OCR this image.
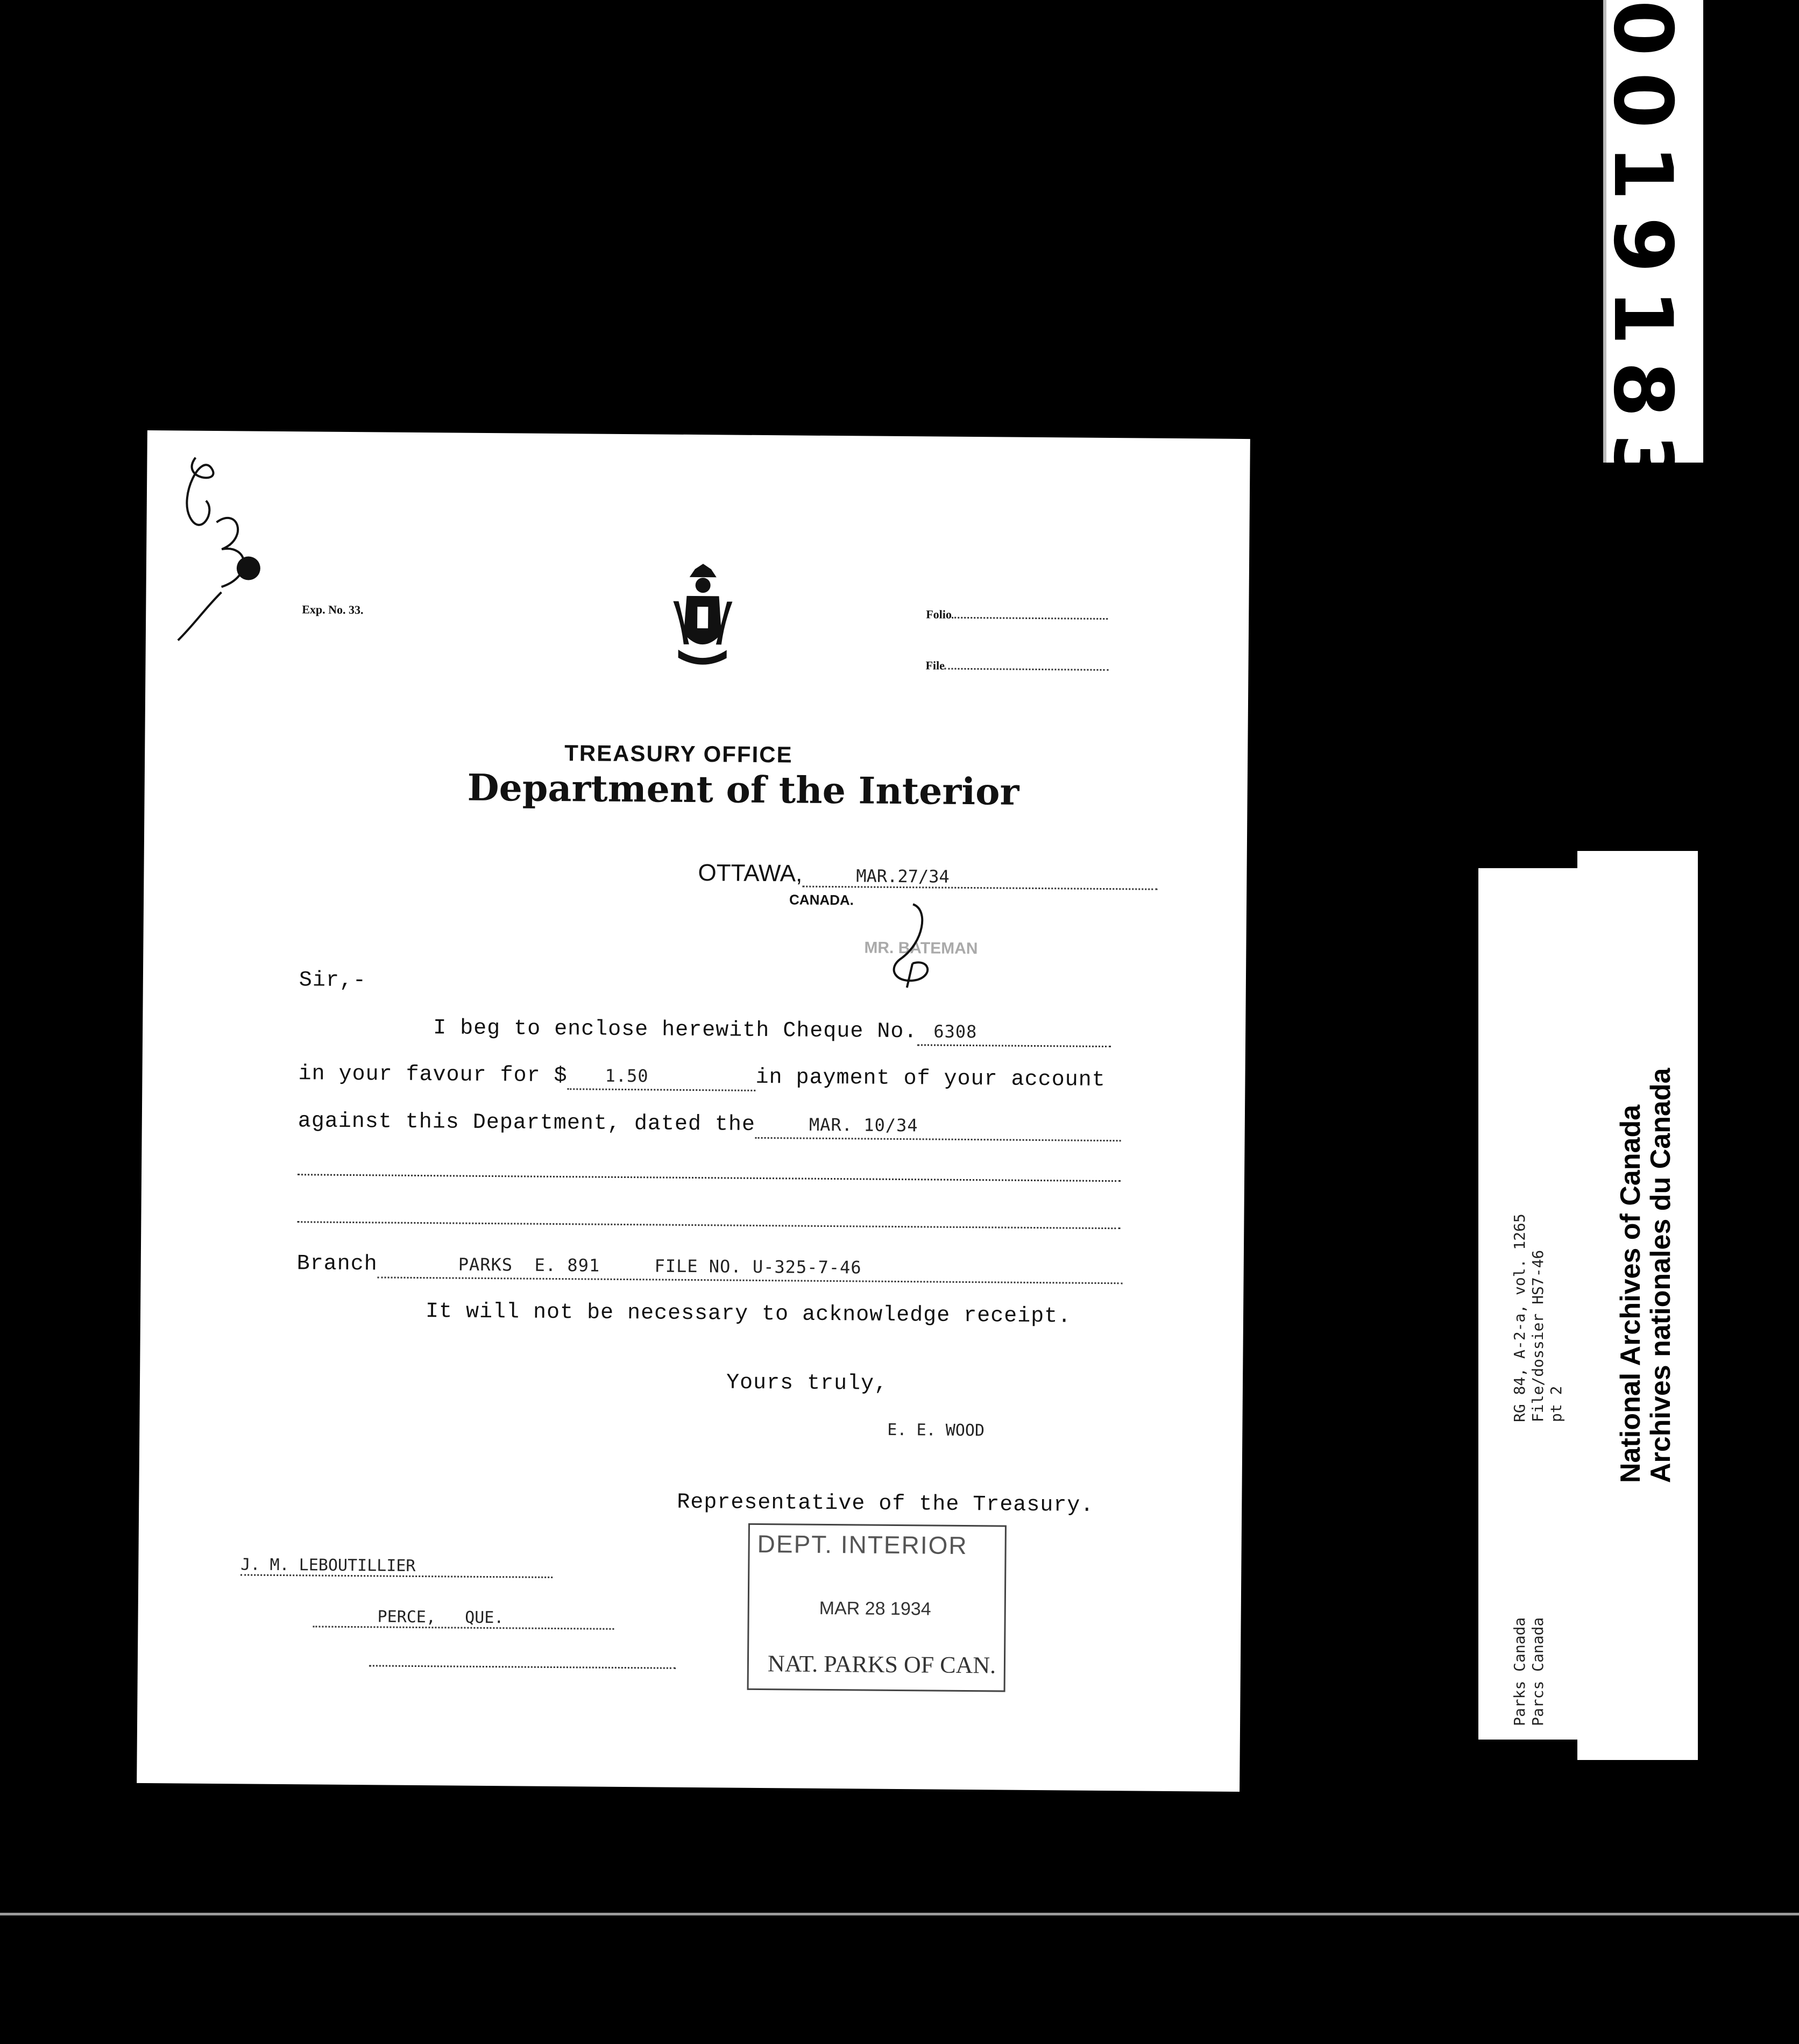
0019183
RG 84, A-2-a, vol. 1265 File/dossier HS7-46 pt 2
Parks Canada Parcs Canada
National Archives of Canada
Archives nationales du Canada
Exp. No. 33.	Folio
File
TREASURY OFFICE
Department of the Interior
OTTAWA,	MAR.27/34
CANADA.
MR. BATEMAN
Sir,-
I beg to enclose herewith Cheque No. 6308
in your favour for $ 1.50	in payment of your account
against this Department, dated the	MAR. 10/34
Branch	PARKS  E. 891     FILE NO. U-325-7-46
It will not be necessary to acknowledge receipt.
Yours truly,
E. E. WOOD
Representative of the Treasury.
J. M. LEBOUTILLIER
PERCE,   QUE.
DEPT. INTERIOR
MAR 28 1934
NAT. PARKS OF CAN.
